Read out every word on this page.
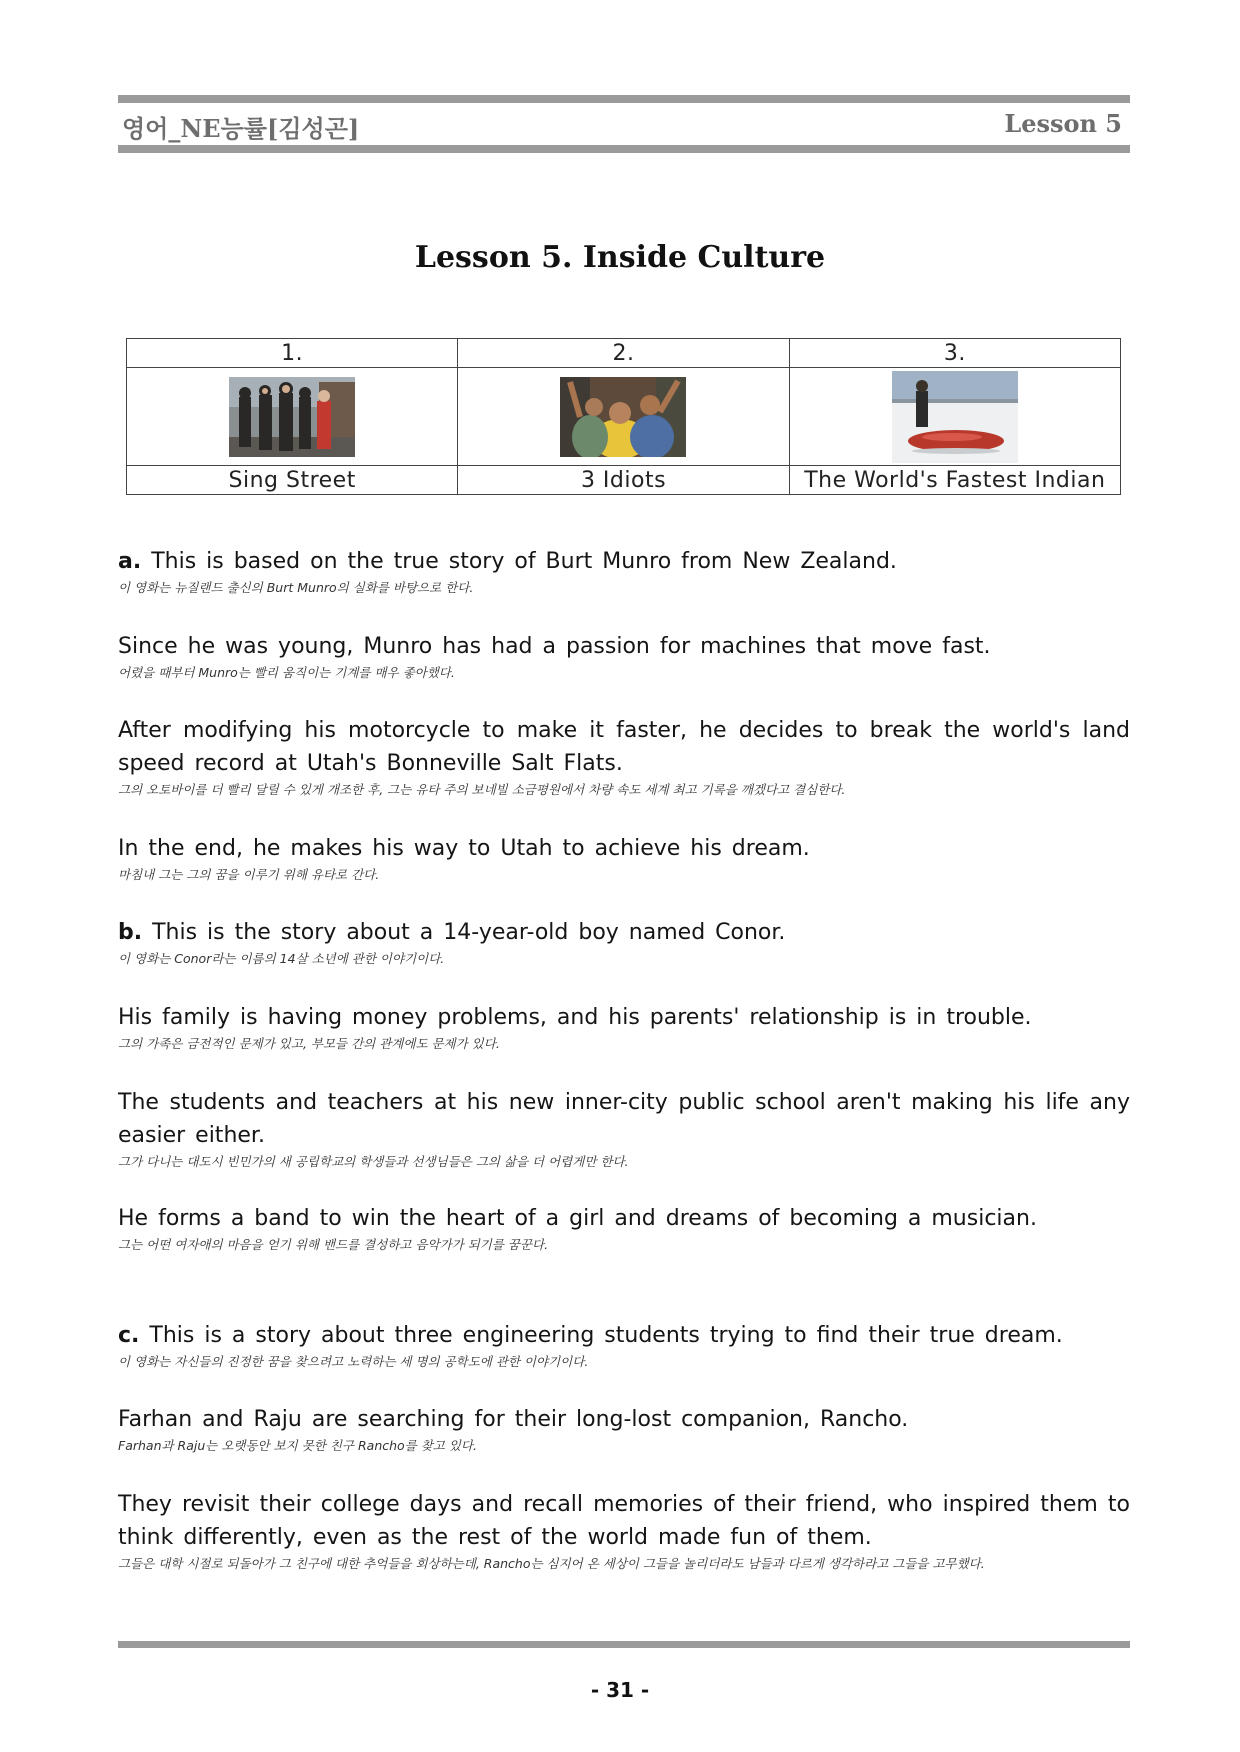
영어_NE능률[김성곤]	Lesson 5
Lesson 5. Inside Culture
1.	2.	3.

Sing Street	3 Idiots	The World's Fastest Indian
a. This is based on the true story of Burt Munro from New Zealand.
이 영화는 뉴질랜드 출신의 Burt Munro의 실화를 바탕으로 한다.
Since he was young, Munro has had a passion for machines that move fast.
어렸을 때부터 Munro는 빨리 움직이는 기계를 매우 좋아했다.
After modifying his motorcycle to make it faster, he decides to break the world's land speed record at Utah's Bonneville Salt Flats.
그의 오토바이를 더 빨리 달릴 수 있게 개조한 후, 그는 유타 주의 보네빌 소금평원에서 차량 속도 세계 최고 기록을 깨겠다고 결심한다.
In the end, he makes his way to Utah to achieve his dream.
마침내 그는 그의 꿈을 이루기 위해 유타로 간다.
b. This is the story about a 14-year-old boy named Conor.
이 영화는 Conor라는 이름의 14살 소년에 관한 이야기이다.
His family is having money problems, and his parents' relationship is in trouble.
그의 가족은 금전적인 문제가 있고, 부모들 간의 관계에도 문제가 있다.
The students and teachers at his new inner-city public school aren't making his life any easier either.
그가 다니는 대도시 빈민가의 새 공립학교의 학생들과 선생님들은 그의 삶을 더 어렵게만 한다.
He forms a band to win the heart of a girl and dreams of becoming a musician.
그는 어떤 여자애의 마음을 얻기 위해 밴드를 결성하고 음악가가 되기를 꿈꾼다.
c. This is a story about three engineering students trying to find their true dream.
이 영화는 자신들의 진정한 꿈을 찾으려고 노력하는 세 명의 공학도에 관한 이야기이다.
Farhan and Raju are searching for their long-lost companion, Rancho.
Farhan과 Raju는 오랫동안 보지 못한 친구 Rancho를 찾고 있다.
They revisit their college days and recall memories of their friend, who inspired them to think differently, even as the rest of the world made fun of them.
그들은 대학 시절로 되돌아가 그 친구에 대한 추억들을 회상하는데, Rancho는 심지어 온 세상이 그들을 놀리더라도 남들과 다르게 생각하라고 그들을 고무했다.
- 31 -
